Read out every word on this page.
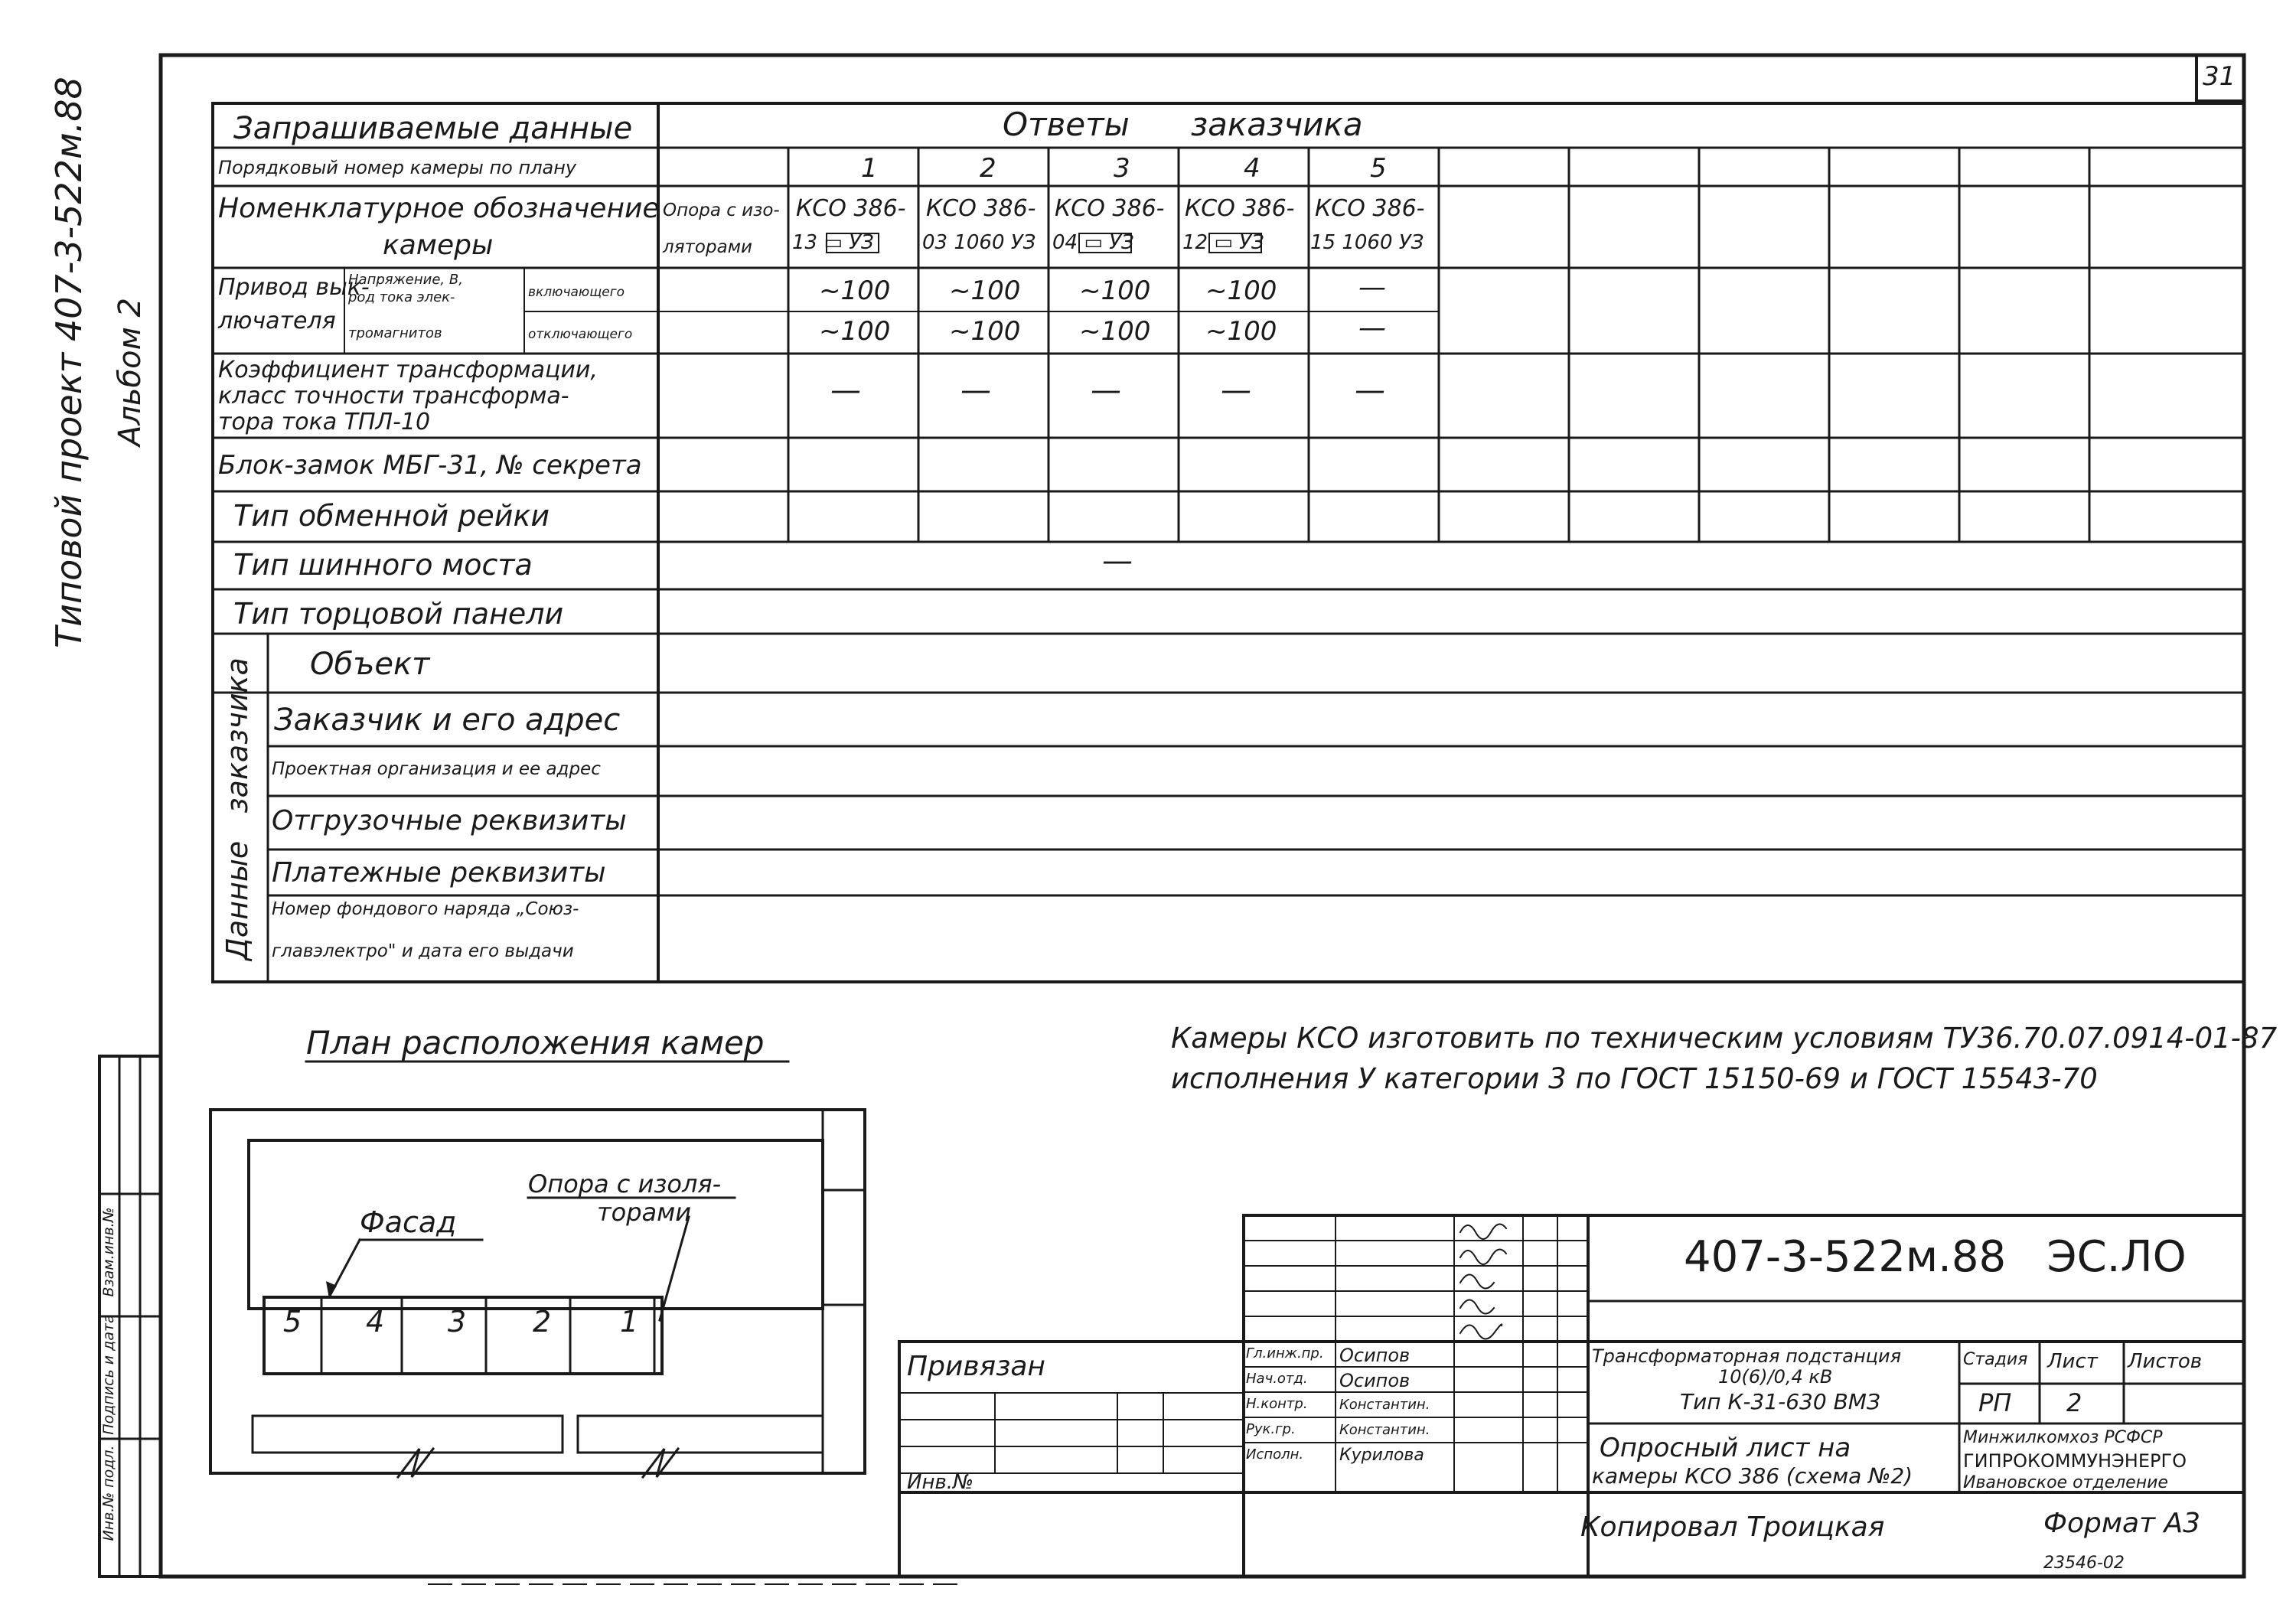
Типовой проект 407-3-522м.88 Альбом 2
Инв.№ подл.
Подпись и дата
Взам.инв.№
31
Запрашиваемые данные	Ответы      заказчика
Порядковый номер камеры по плану
Номенклатурное обозначение
камеры
Привод вык-
лючателя
Напряжение, В,
род тока элек-
тромагнитов
включающего
отключающего
Коэффициент трансформации,
класс точности трансформа-
тора тока ТПЛ-10
Блок-замок МБГ-31, № секрета
Тип обменной рейки
Тип шинного моста
Тип торцовой панели
Данные   заказчика Объект
Заказчик и его адрес
Проектная организация и ее адрес
Отгрузочные реквизиты
Платежные реквизиты
Номер фондового наряда „Союз-
главэлектро" и дата его выдачи
Опора с изо-
ляторами
1
КСО 386-
13 ▭ УЗ
~100
~100
—
2
КСО 386-
03 1060 УЗ
~100
~100
—
3
КСО 386-
04 ▭ УЗ
~100
~100
—
4
КСО 386-
12 ▭ УЗ
~100
~100
—
5
КСО 386-
15 1060 УЗ
—
—
—
—
План расположения камер
Фасад
Опора с изоля-
торами
5 4 3 2 1
Камеры КСО изготовить по техническим условиям ТУ36.70.07.0914-01-87
исполнения У категории 3 по ГОСТ 15150-69 и ГОСТ 15543-70
407-3-522м.88   ЭС.ЛО
Привязан
Инв.№
Гл.инж.пр.
Нач.отд.
Н.контр.
Рук.гр.
Исполн.
Осипов
Осипов
Константин.
Константин.
Курилова
Трансформаторная подстанция
10(6)/0,4 кВ
Тип К-31-630 ВМЗ
Стадия Лист Листов
РП 2
Опросный лист на
камеры КСО 386 (схема №2)
Минжилкомхоз РСФСР
ГИПРОКОММУНЭНЕРГО
Ивановское отделение
Копировал Троицкая	Формат А3
23546-02
